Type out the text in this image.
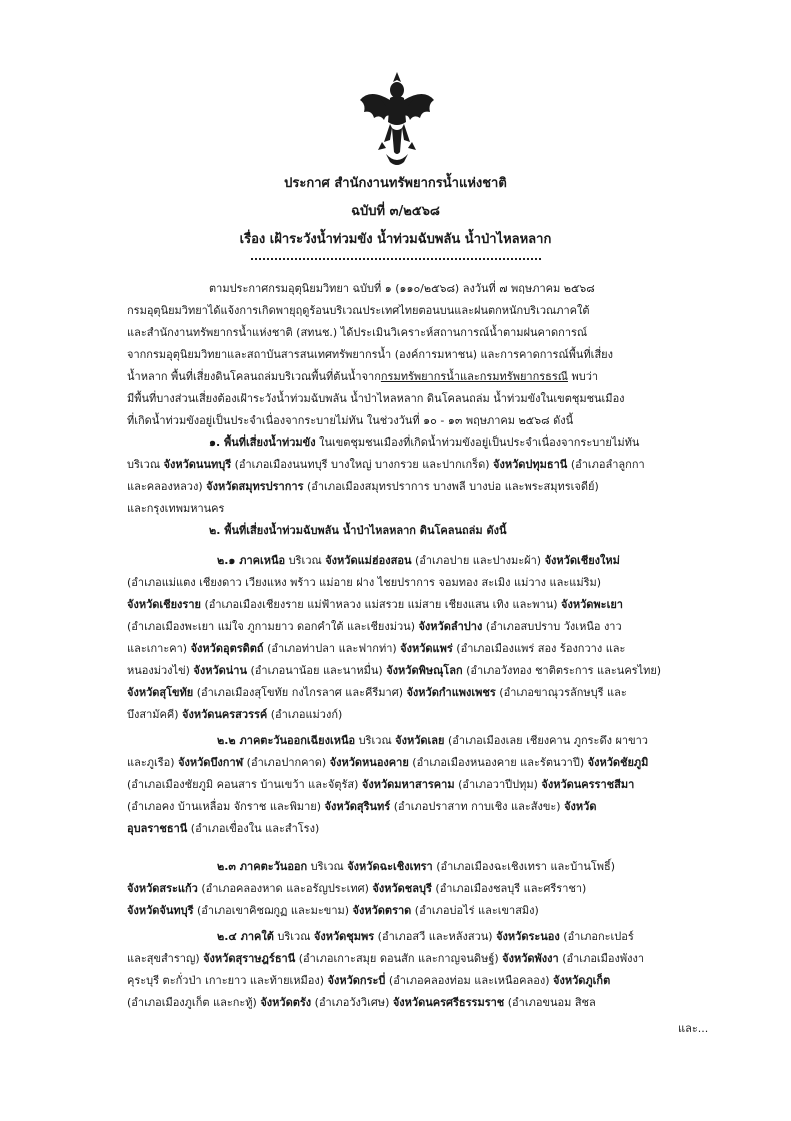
ประกาศ สำนักงานทรัพยากรน้ำแห่งชาติ
ฉบับที่ ๓/๒๕๖๘
เรื่อง เฝ้าระวังน้ำท่วมขัง น้ำท่วมฉับพลัน น้ำป่าไหลหลาก
ตามประกาศกรมอุตุนิยมวิทยา ฉบับที่ ๑ (๑๑๐/๒๕๖๘) ลงวันที่ ๗ พฤษภาคม ๒๕๖๘
กรมอุตุนิยมวิทยาได้แจ้งการเกิดพายุฤดูร้อนบริเวณประเทศไทยตอนบนและฝนตกหนักบริเวณภาคใต้
และสำนักงานทรัพยากรน้ำแห่งชาติ (สทนช.) ได้ประเมินวิเคราะห์สถานการณ์น้ำตามฝนคาดการณ์
จากกรมอุตุนิยมวิทยาและสถาบันสารสนเทศทรัพยากรน้ำ (องค์การมหาชน) และการคาดการณ์พื้นที่เสี่ยง
น้ำหลาก พื้นที่เสี่ยงดินโคลนถล่มบริเวณพื้นที่ต้นน้ำจากกรมทรัพยากรน้ำและกรมทรัพยากรธรณี พบว่า
มีพื้นที่บางส่วนเสี่ยงต้องเฝ้าระวังน้ำท่วมฉับพลัน น้ำป่าไหลหลาก ดินโคลนถล่ม น้ำท่วมขังในเขตชุมชนเมือง
ที่เกิดน้ำท่วมขังอยู่เป็นประจำเนื่องจากระบายไม่ทัน ในช่วงวันที่ ๑๐ - ๑๓ พฤษภาคม ๒๕๖๘ ดังนี้
๑. พื้นที่เสี่ยงน้ำท่วมขัง ในเขตชุมชนเมืองที่เกิดน้ำท่วมขังอยู่เป็นประจำเนื่องจากระบายไม่ทัน
บริเวณ จังหวัดนนทบุรี (อำเภอเมืองนนทบุรี บางใหญ่ บางกรวย และปากเกร็ด) จังหวัดปทุมธานี (อำเภอลำลูกกา
และคลองหลวง) จังหวัดสมุทรปราการ (อำเภอเมืองสมุทรปราการ บางพลี บางบ่อ และพระสมุทรเจดีย์)
และกรุงเทพมหานคร
๒. พื้นที่เสี่ยงน้ำท่วมฉับพลัน น้ำป่าไหลหลาก ดินโคลนถล่ม ดังนี้
๒.๑ ภาคเหนือ บริเวณ จังหวัดแม่ฮ่องสอน (อำเภอปาย และปางมะผ้า) จังหวัดเชียงใหม่
(อำเภอแม่แตง เชียงดาว เวียงแหง พร้าว แม่อาย ฝาง ไชยปราการ จอมทอง สะเมิง แม่วาง และแม่ริม)
จังหวัดเชียงราย (อำเภอเมืองเชียงราย แม่ฟ้าหลวง แม่สรวย แม่สาย เชียงแสน เทิง และพาน) จังหวัดพะเยา
(อำเภอเมืองพะเยา แม่ใจ ภูกามยาว ดอกคำใต้ และเชียงม่วน) จังหวัดลำปาง (อำเภอสบปราบ วังเหนือ งาว
และเกาะคา) จังหวัดอุตรดิตถ์ (อำเภอท่าปลา และฟากท่า) จังหวัดแพร่ (อำเภอเมืองแพร่ สอง ร้องกวาง และ
หนองม่วงไข่) จังหวัดน่าน (อำเภอนาน้อย และนาหมื่น) จังหวัดพิษณุโลก (อำเภอวังทอง ชาติตระการ และนครไทย)
จังหวัดสุโขทัย (อำเภอเมืองสุโขทัย กงไกรลาศ และคีรีมาศ) จังหวัดกำแพงเพชร (อำเภอขาณุวรลักษบุรี และ
บึงสามัคคี) จังหวัดนครสวรรค์ (อำเภอแม่วงก์)
๒.๒ ภาคตะวันออกเฉียงเหนือ บริเวณ จังหวัดเลย (อำเภอเมืองเลย เชียงคาน ภูกระดึง ผาขาว
และภูเรือ) จังหวัดบึงกาฬ (อำเภอปากคาด) จังหวัดหนองคาย (อำเภอเมืองหนองคาย และรัตนวาปี) จังหวัดชัยภูมิ
(อำเภอเมืองชัยภูมิ คอนสาร บ้านเขว้า และจัตุรัส) จังหวัดมหาสารคาม (อำเภอวาปีปทุม) จังหวัดนครราชสีมา
(อำเภอคง บ้านเหลื่อม จักราช และพิมาย) จังหวัดสุรินทร์ (อำเภอปราสาท กาบเชิง และสังขะ) จังหวัด
อุบลราชธานี (อำเภอเขื่องใน และสำโรง)
๒.๓ ภาคตะวันออก บริเวณ จังหวัดฉะเชิงเทรา (อำเภอเมืองฉะเชิงเทรา และบ้านโพธิ์)
จังหวัดสระแก้ว (อำเภอคลองหาด และอรัญประเทศ) จังหวัดชลบุรี (อำเภอเมืองชลบุรี และศรีราชา)
จังหวัดจันทบุรี (อำเภอเขาคิชฌกูฏ และมะขาม) จังหวัดตราด (อำเภอบ่อไร่ และเขาสมิง)
๒.๔ ภาคใต้ บริเวณ จังหวัดชุมพร (อำเภอสวี และหลังสวน) จังหวัดระนอง (อำเภอกะเปอร์
และสุขสำราญ) จังหวัดสุราษฎร์ธานี (อำเภอเกาะสมุย ดอนสัก และกาญจนดิษฐ์) จังหวัดพังงา (อำเภอเมืองพังงา
คุระบุรี ตะกั่วป่า เกาะยาว และท้ายเหมือง) จังหวัดกระบี่ (อำเภอคลองท่อม และเหนือคลอง) จังหวัดภูเก็ต
(อำเภอเมืองภูเก็ต และกะทู้) จังหวัดตรัง (อำเภอวังวิเศษ) จังหวัดนครศรีธรรมราช (อำเภอขนอม สิชล
และ...
